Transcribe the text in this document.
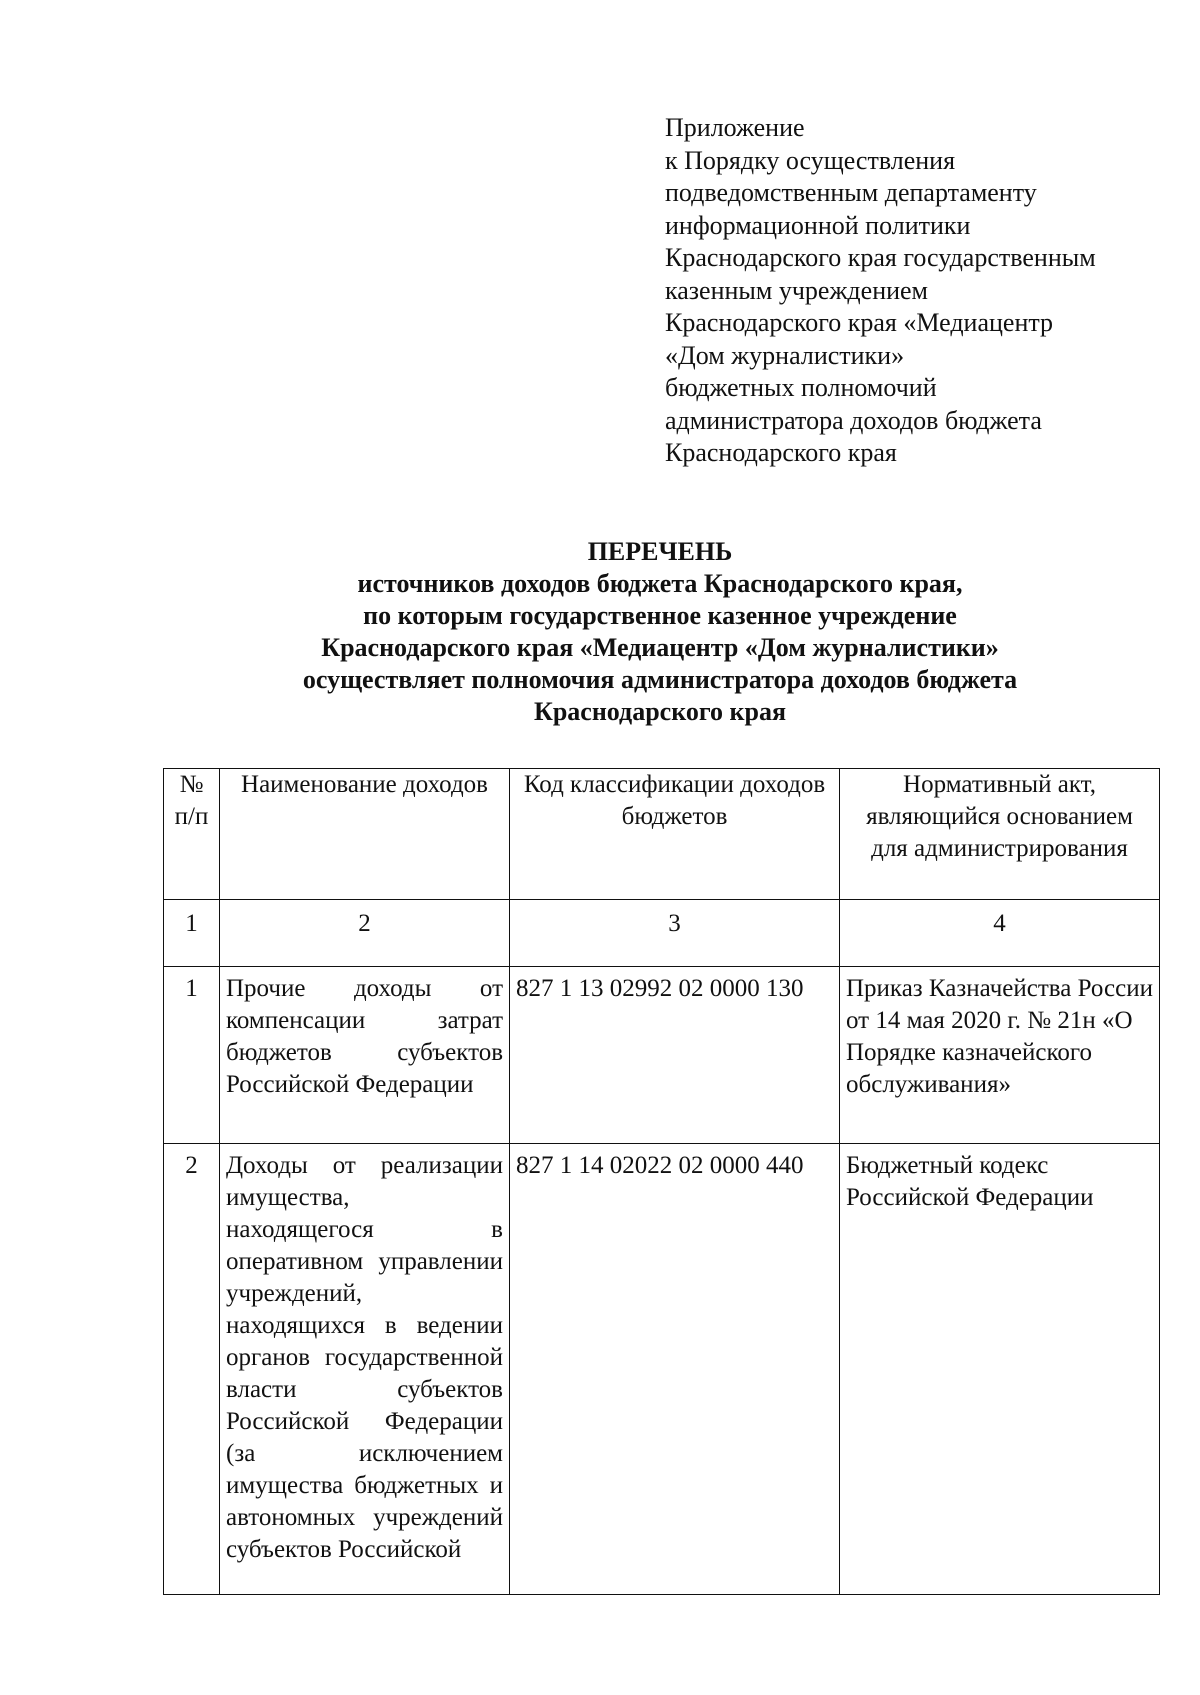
Приложение
к Порядку осуществления
подведомственным департаменту
информационной политики
Краснодарского края государственным
казенным учреждением
Краснодарского края «Медиацентр
«Дом журналистики»
бюджетных полномочий
администратора доходов бюджета
Краснодарского края
ПЕРЕЧЕНЬ
источников доходов бюджета Краснодарского края,
по которым государственное казенное учреждение
Краснодарского края «Медиацентр «Дом журналистики»
осуществляет полномочия администратора доходов бюджета
Краснодарского края
№ п/п	Наименование доходов	Код классификации доходов бюджетов	Нормативный акт, являющийся основанием для администрирования
1	2	3	4
1	Прочие доходы от компенсации затрат бюджетов субъектов Российской Федерации	827 1 13 02992 02 0000 130	Приказ Казначейства России от 14 мая 2020 г. № 21н «О Порядке казначейского обслуживания»
2	Доходы от реализации имущества, находящегося в оперативном управлении учреждений, находящихся в ведении органов государственной власти субъектов Российской Федерации (за исключением имущества бюджетных и автономных учреждений субъектов Российской	827 1 14 02022 02 0000 440	Бюджетный кодекс Российской Федерации
